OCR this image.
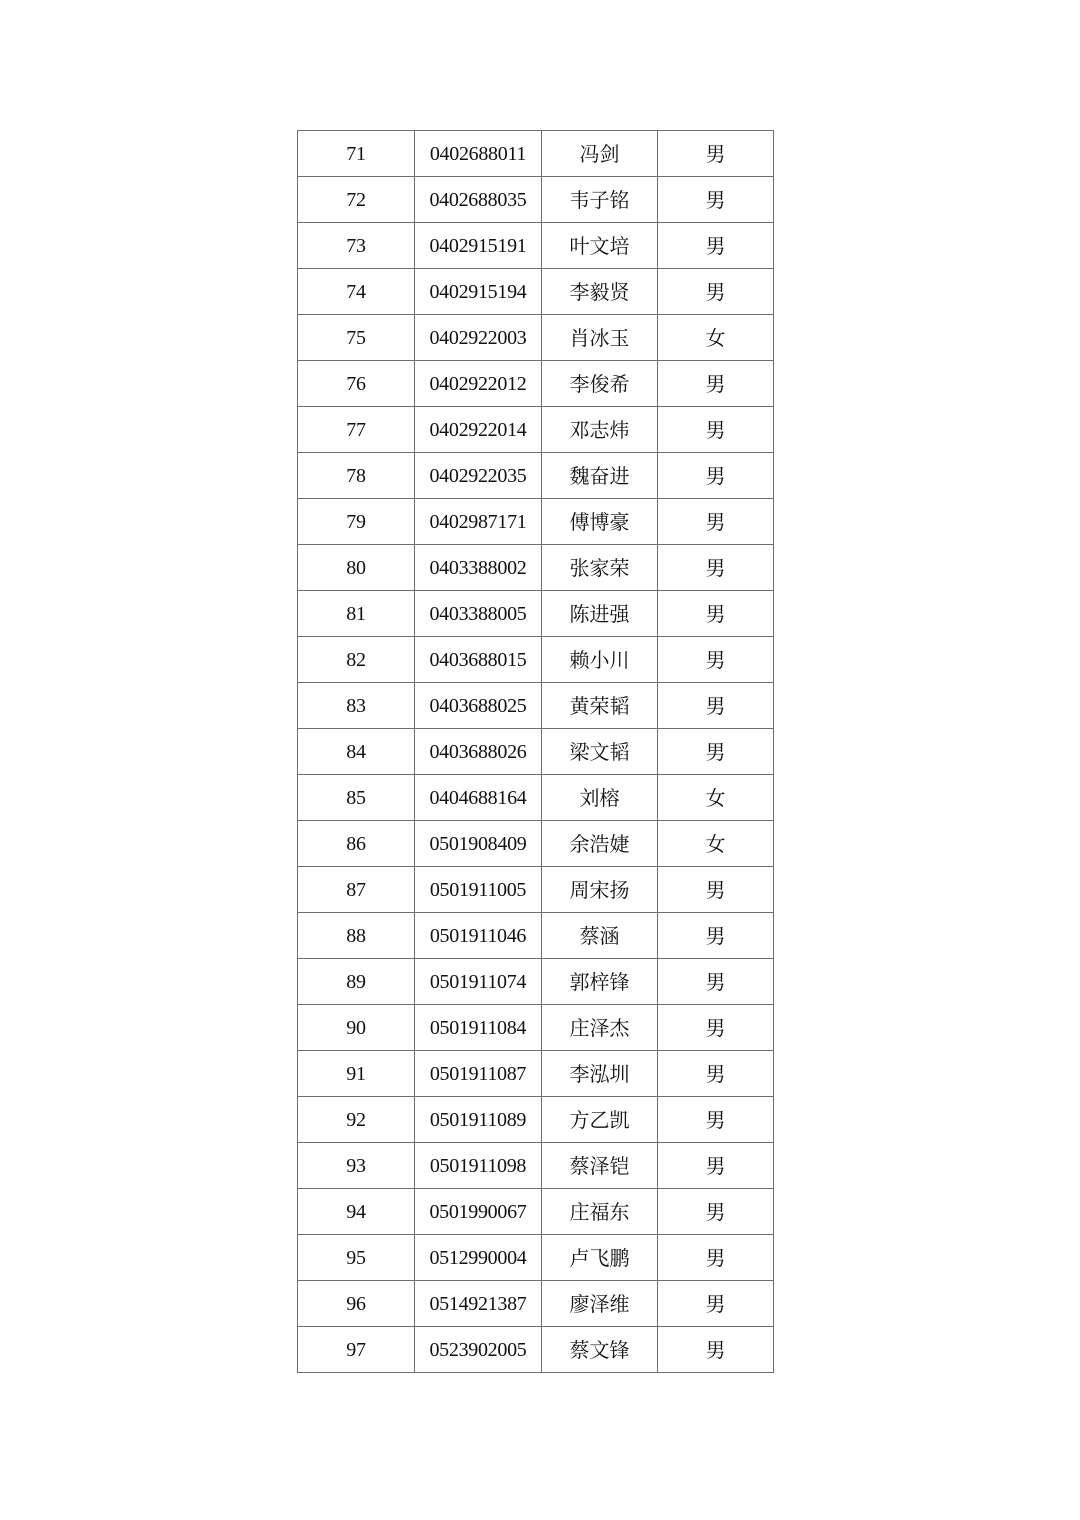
71	0402688011	冯剑	男
72	0402688035	韦子铭	男
73	0402915191	叶文培	男
74	0402915194	李毅贤	男
75	0402922003	肖冰玉	女
76	0402922012	李俊希	男
77	0402922014	邓志炜	男
78	0402922035	魏奋进	男
79	0402987171	傅博豪	男
80	0403388002	张家荣	男
81	0403388005	陈进强	男
82	0403688015	赖小川	男
83	0403688025	黄荣韬	男
84	0403688026	梁文韬	男
85	0404688164	刘榕	女
86	0501908409	余浩婕	女
87	0501911005	周宋扬	男
88	0501911046	蔡涵	男
89	0501911074	郭梓锋	男
90	0501911084	庄泽杰	男
91	0501911087	李泓圳	男
92	0501911089	方乙凯	男
93	0501911098	蔡泽铠	男
94	0501990067	庄福东	男
95	0512990004	卢飞鹏	男
96	0514921387	廖泽维	男
97	0523902005	蔡文锋	男
